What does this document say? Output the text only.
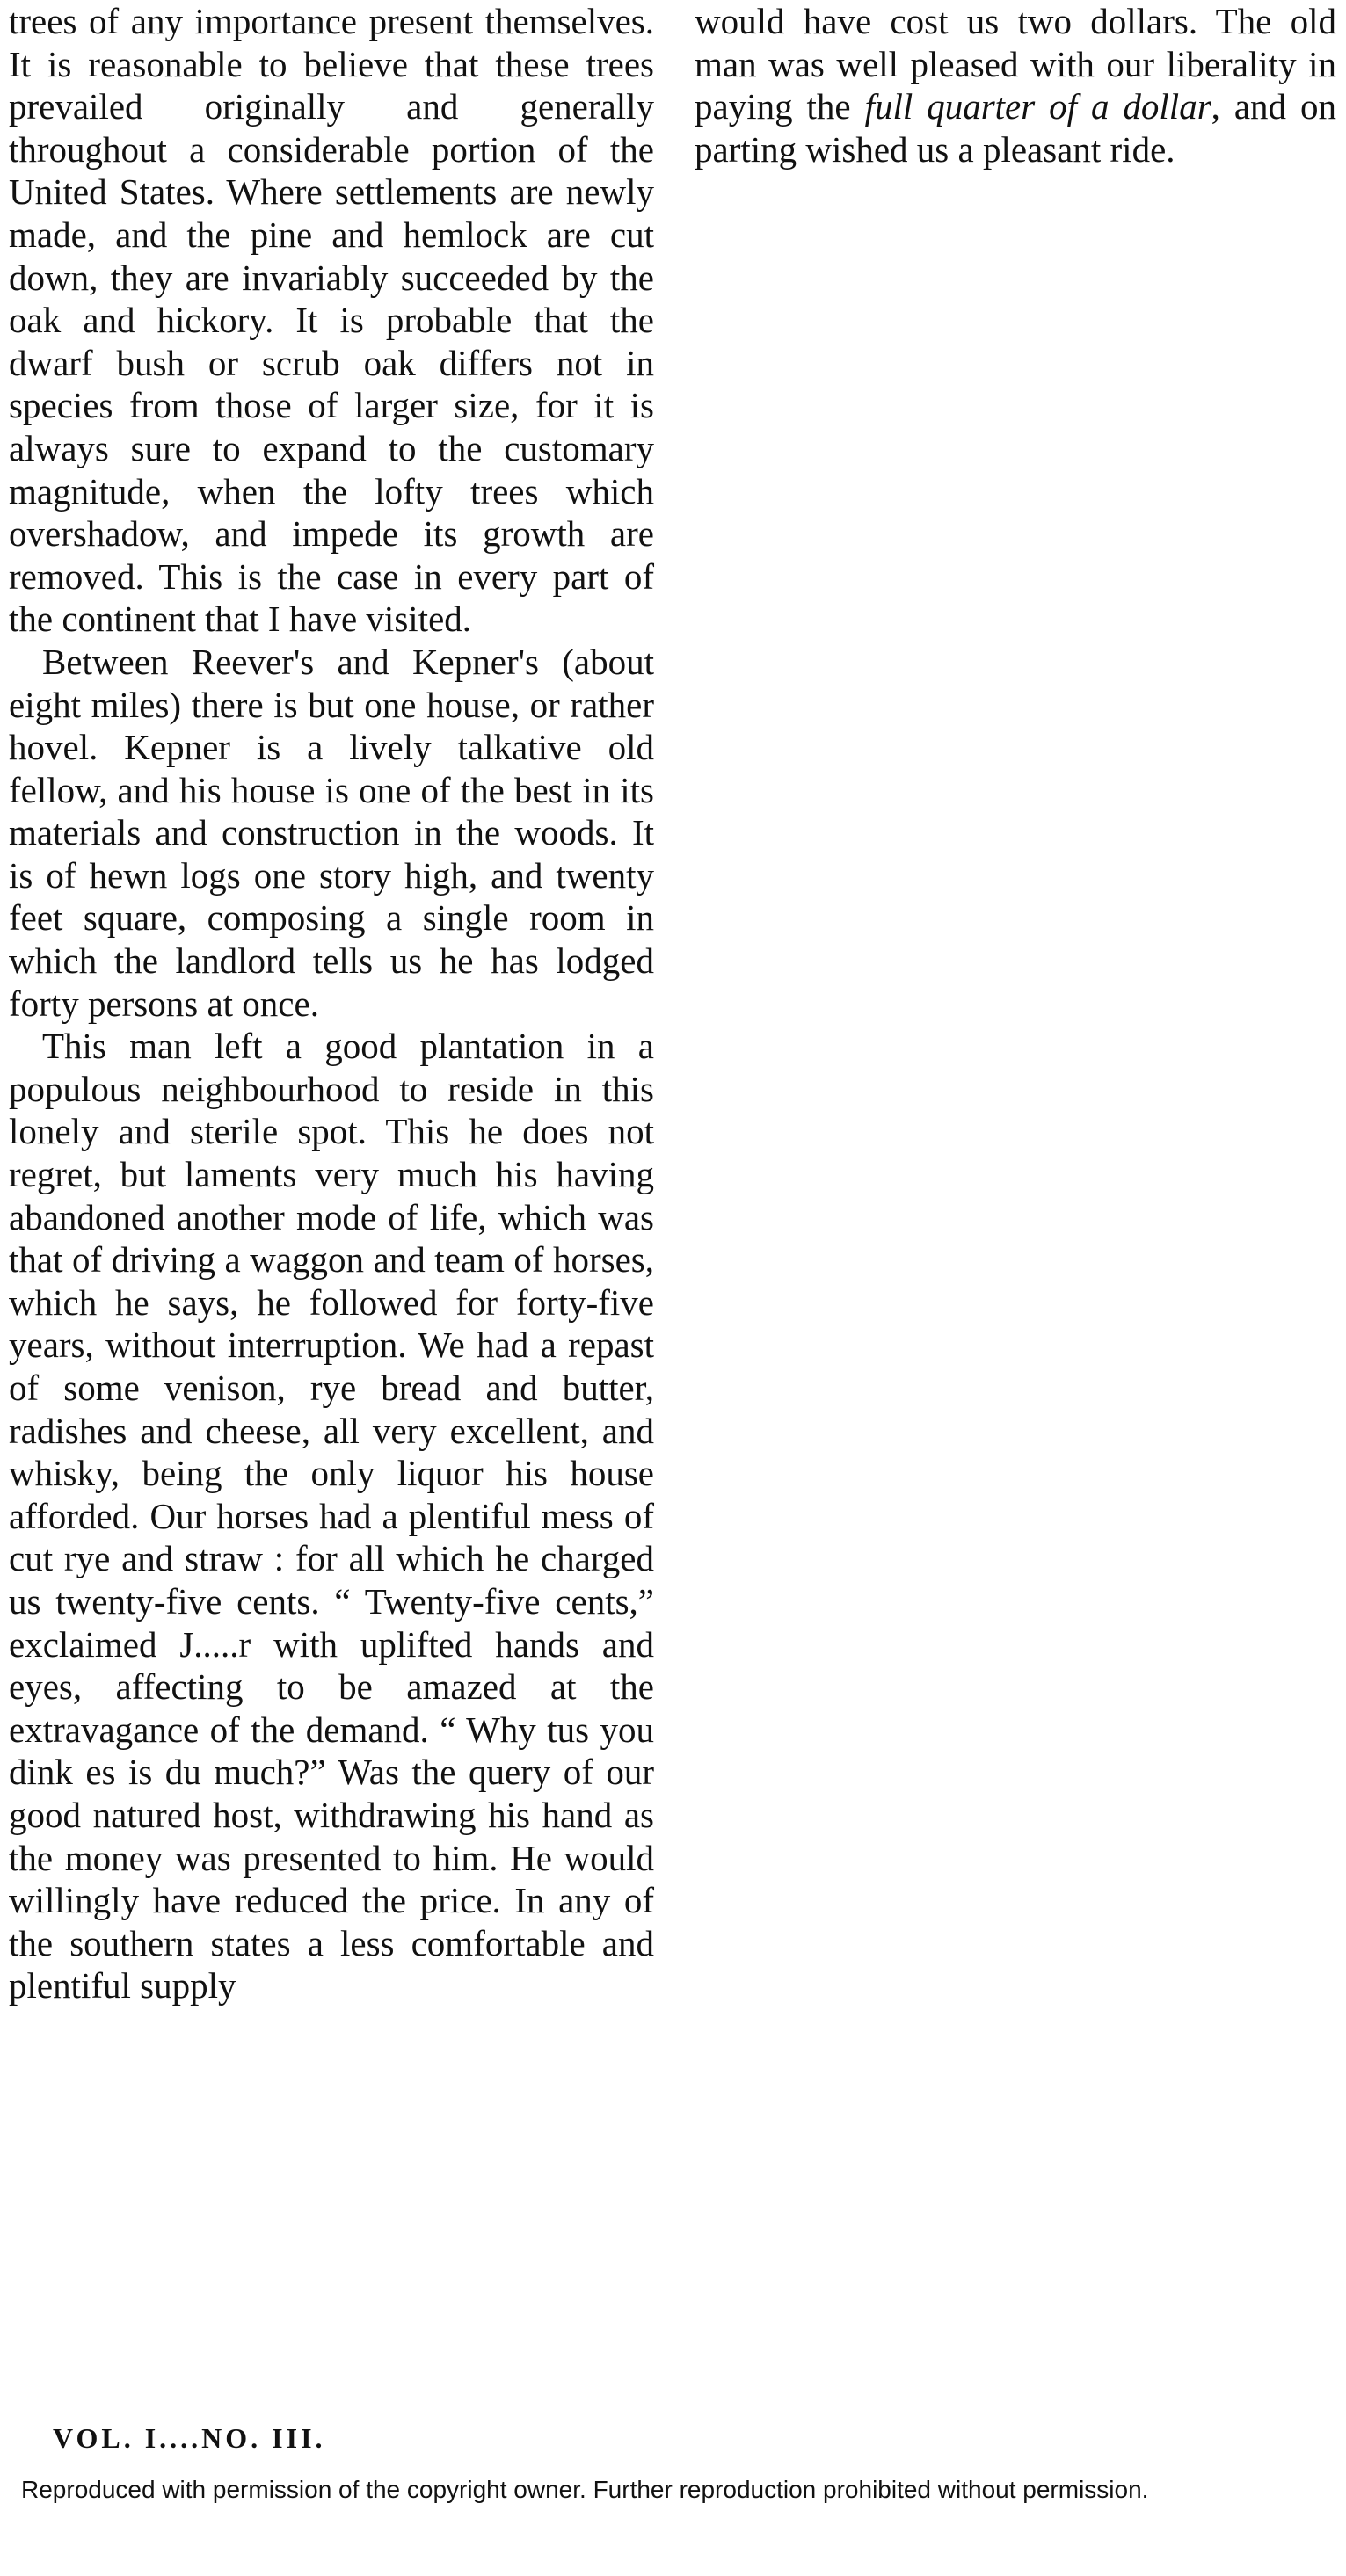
trees of any importance present themselves. It is reasonable to believe that these trees prevailed originally and generally throughout a considerable portion of the United States. Where settlements are newly made, and the pine and hemlock are cut down, they are invariably succeeded by the oak and hickory. It is probable that the dwarf bush or scrub oak differs not in species from those of larger size, for it is always sure to expand to the customary magnitude, when the lofty trees which overshadow, and impede its growth are removed. This is the case in every part of the continent that I have visited.

Between Reever's and Kepner's (about eight miles) there is but one house, or rather hovel. Kepner is a lively talkative old fellow, and his house is one of the best in its materials and construction in the woods. It is of hewn logs one story high, and twenty feet square, composing a single room in which the landlord tells us he has lodged forty persons at once.

This man left a good plantation in a populous neighbourhood to reside in this lonely and sterile spot. This he does not regret, but laments very much his having abandoned another mode of life, which was that of driving a waggon and team of horses, which he says, he followed for forty-five years, without interruption. We had a repast of some venison, rye bread and butter, radishes and cheese, all very excellent, and whisky, being the only liquor his house afforded. Our horses had a plentiful mess of cut rye and straw : for all which he charged us twenty-five cents. “ Twenty-five cents,” exclaimed J.....r with uplifted hands and eyes, affecting to be amazed at the extravagance of the demand. “ Why tus you dink es is du much?” Was the query of our good natured host, withdrawing his hand as the money was presented to him. He would willingly have reduced the price. In any of the southern states a less comfortable and plentiful supply

would have cost us two dollars. The old man was well pleased with our liberality in paying the full quarter of a dollar, and on parting wished us a pleasant ride.

VOL. I....NO. III.
Reproduced with permission of the copyright owner. Further reproduction prohibited without permission.
